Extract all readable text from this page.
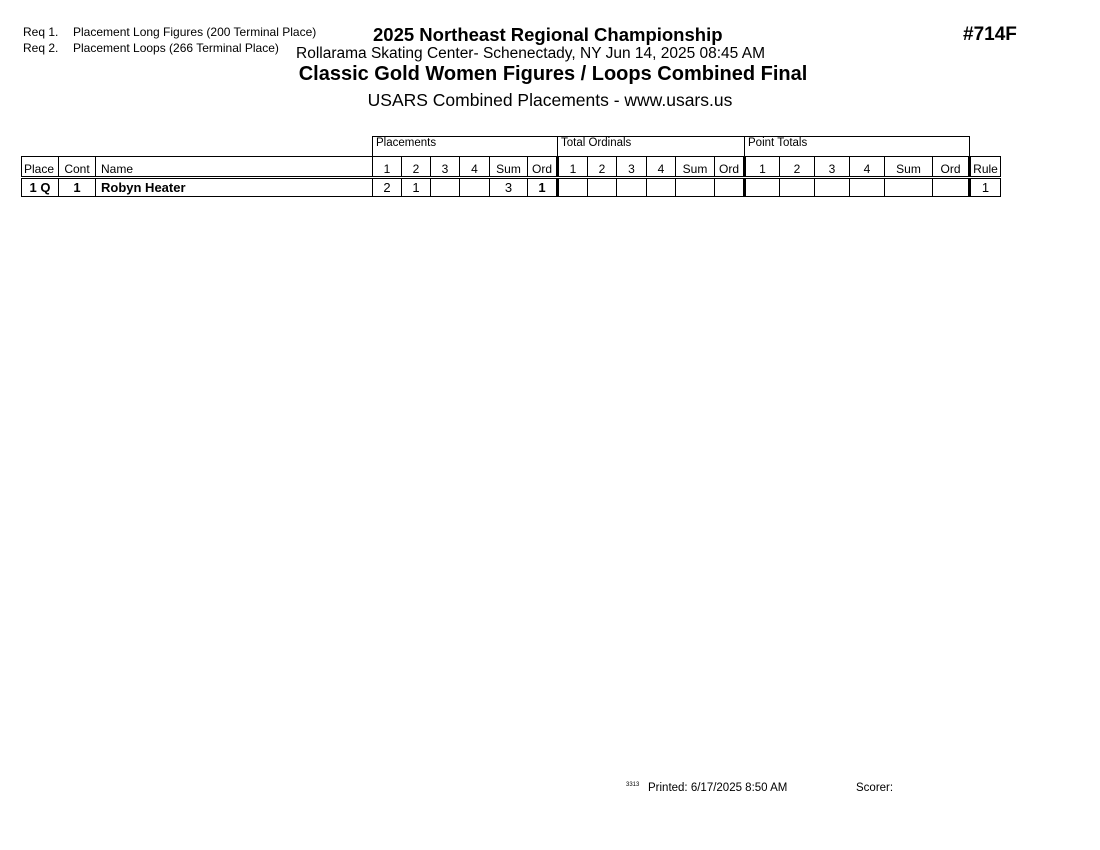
Req 1. Placement Long Figures (200 Terminal Place)
Req 2. Placement Loops (266 Terminal Place)
2025 Northeast Regional Championship
Rollarama Skating Center- Schenectady, NY Jun 14, 2025 08:45 AM
Classic Gold Women Figures / Loops Combined Final
USARS Combined Placements - www.usars.us
#714F
			Placements						Total Ordinals						Point Totals						
Place	Cont	Name	1	2	3	4	Sum	Ord	1	2	3	4	Sum	Ord	1	2	3	4	Sum	Ord	Rule
1 Q	1	Robyn Heater	2	1			3	1													1
3313 Printed: 6/17/2025 8:50 AM	Scorer:
